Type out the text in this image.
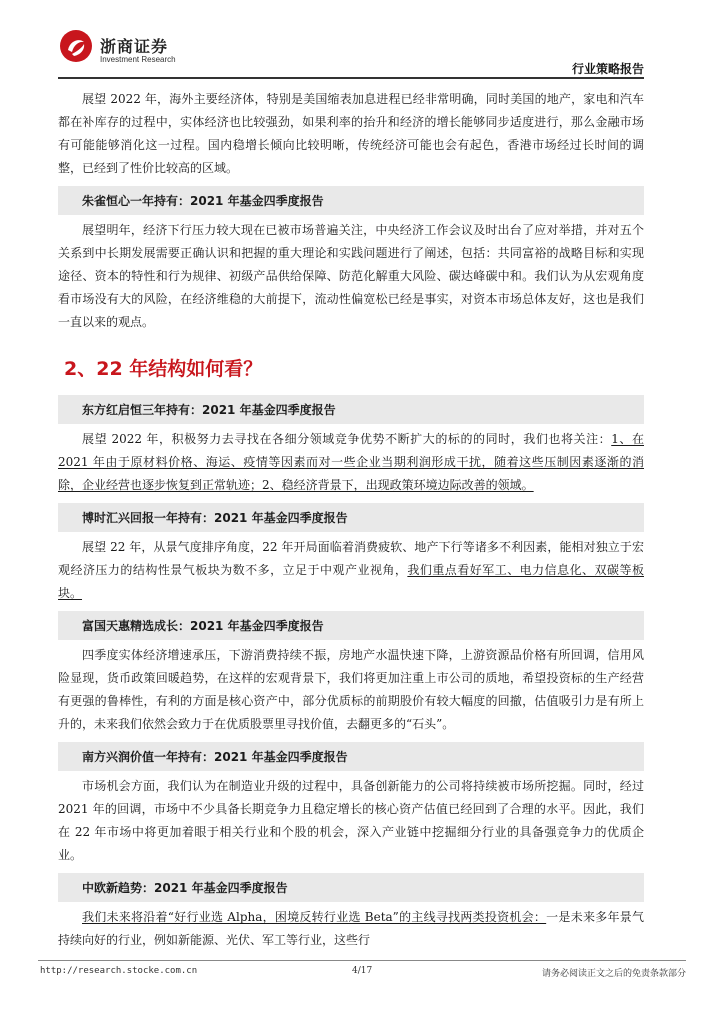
浙商证券
Investment Research
行业策略报告

展望 2022 年，海外主要经济体，特别是美国缩表加息进程已经非常明确，同时美国的地产，家电和汽车都在补库存的过程中，实体经济也比较强劲，如果利率的抬升和经济的增长能够同步适度进行，那么金融市场有可能能够消化这一过程。国内稳增长倾向比较明晰，传统经济可能也会有起色，香港市场经过长时间的调整，已经到了性价比较高的区域。

朱雀恒心一年持有：2021 年基金四季度报告

展望明年，经济下行压力较大现在已被市场普遍关注，中央经济工作会议及时出台了应对举措，并对五个关系到中长期发展需要正确认识和把握的重大理论和实践问题进行了阐述，包括：共同富裕的战略目标和实现途径、资本的特性和行为规律、初级产品供给保障、防范化解重大风险、碳达峰碳中和。我们认为从宏观角度看市场没有大的风险，在经济维稳的大前提下，流动性偏宽松已经是事实，对资本市场总体友好，这也是我们一直以来的观点。

2、22 年结构如何看？
东方红启恒三年持有：2021 年基金四季度报告

展望 2022 年，积极努力去寻找在各细分领域竞争优势不断扩大的标的的同时，我们也将关注：1、在 2021 年由于原材料价格、海运、疫情等因素而对一些企业当期利润形成干扰，随着这些压制因素逐渐的消除，企业经营也逐步恢复到正常轨迹；2、稳经济背景下，出现政策环境边际改善的领域。

博时汇兴回报一年持有：2021 年基金四季度报告

展望 22 年，从景气度排序角度，22 年开局面临着消费疲软、地产下行等诸多不利因素，能相对独立于宏观经济压力的结构性景气板块为数不多，立足于中观产业视角，我们重点看好军工、电力信息化、双碳等板块。

富国天惠精选成长：2021 年基金四季度报告

四季度实体经济增速承压，下游消费持续不振，房地产水温快速下降，上游资源品价格有所回调，信用风险显现，货币政策回暖趋势，在这样的宏观背景下，我们将更加注重上市公司的质地，希望投资标的生产经营有更强的鲁棒性，有利的方面是核心资产中，部分优质标的前期股价有较大幅度的回撤，估值吸引力是有所上升的，未来我们依然会致力于在优质股票里寻找价值，去翻更多的“石头”。

南方兴润价值一年持有：2021 年基金四季度报告

市场机会方面，我们认为在制造业升级的过程中，具备创新能力的公司将持续被市场所挖掘。同时，经过 2021 年的回调，市场中不少具备长期竞争力且稳定增长的核心资产估值已经回到了合理的水平。因此，我们在 22 年市场中将更加着眼于相关行业和个股的机会，深入产业链中挖掘细分行业的具备强竞争力的优质企业。

中欧新趋势：2021 年基金四季度报告

我们未来将沿着“好行业选 Alpha，困境反转行业选 Beta”的主线寻找两类投资机会：一是未来多年景气持续向好的行业，例如新能源、光伏、军工等行业，这些行

http://research.stocke.com.cn	4/17	请务必阅读正文之后的免责条款部分
